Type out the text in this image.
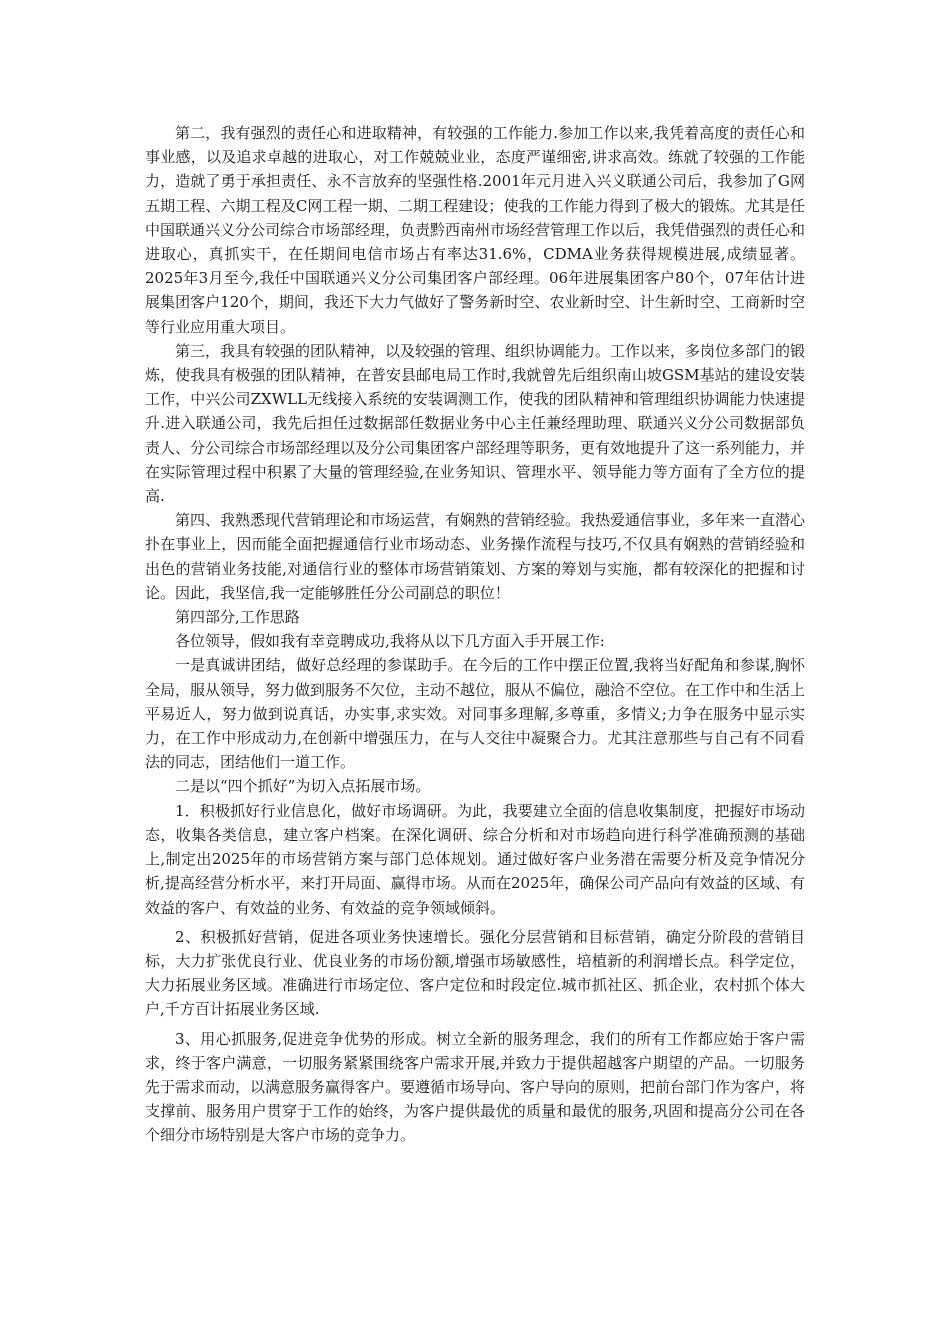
第二，我有强烈的责任心和进取精神，有较强的工作能力.参加工作以来,我凭着高度的责任心和事业感，以及追求卓越的进取心，对工作兢兢业业，态度严谨细密,讲求高效。练就了较强的工作能力，造就了勇于承担责任、永不言放弃的坚强性格.2001年元月进入兴义联通公司后，我参加了G网五期工程、六期工程及C网工程一期、二期工程建设；使我的工作能力得到了极大的锻炼。尤其是任中国联通兴义分公司综合市场部经理，负责黔西南州市场经营管理工作以后，我凭借强烈的责任心和进取心，真抓实干，在任期间电信市场占有率达31.6%，CDMA业务获得规模进展,成绩显著。2025年3月至今,我任中国联通兴义分公司集团客户部经理。06年进展集团客户80个，07年估计进展集团客户120个，期间，我还下大力气做好了警务新时空、农业新时空、计生新时空、工商新时空等行业应用重大项目。

第三，我具有较强的团队精神，以及较强的管理、组织协调能力。工作以来，多岗位多部门的锻炼，使我具有极强的团队精神，在普安县邮电局工作时,我就曾先后组织南山坡GSM基站的建设安装工作，中兴公司ZXWLL无线接入系统的安装调测工作，使我的团队精神和管理组织协调能力快速提升.进入联通公司，我先后担任过数据部任数据业务中心主任兼经理助理、联通兴义分公司数据部负责人、分公司综合市场部经理以及分公司集团客户部经理等职务，更有效地提升了这一系列能力，并在实际管理过程中积累了大量的管理经验,在业务知识、管理水平、领导能力等方面有了全方位的提高.

第四、我熟悉现代营销理论和市场运营，有娴熟的营销经验。我热爱通信事业，多年来一直潜心扑在事业上，因而能全面把握通信行业市场动态、业务操作流程与技巧,不仅具有娴熟的营销经验和出色的营销业务技能,对通信行业的整体市场营销策划、方案的筹划与实施，都有较深化的把握和讨论。因此，我坚信,我一定能够胜任分公司副总的职位！

第四部分,工作思路

各位领导，假如我有幸竞聘成功,我将从以下几方面入手开展工作:

一是真诚讲团结，做好总经理的参谋助手。在今后的工作中摆正位置,我将当好配角和参谋,胸怀全局，服从领导，努力做到服务不欠位，主动不越位，服从不偏位，融洽不空位。在工作中和生活上平易近人，努力做到说真话，办实事,求实效。对同事多理解,多尊重，多情义;力争在服务中显示实力，在工作中形成动力,在创新中增强压力，在与人交往中凝聚合力。尤其注意那些与自己有不同看法的同志，团结他们一道工作。

二是以“四个抓好”为切入点拓展市场。

1．积极抓好行业信息化，做好市场调研。为此，我要建立全面的信息收集制度，把握好市场动态，收集各类信息，建立客户档案。在深化调研、综合分析和对市场趋向进行科学准确预测的基础上,制定出2025年的市场营销方案与部门总体规划。通过做好客户业务潜在需要分析及竞争情况分析,提高经营分析水平，来打开局面、赢得市场。从而在2025年，确保公司产品向有效益的区域、有效益的客户、有效益的业务、有效益的竞争领域倾斜。

2、积极抓好营销，促进各项业务快速增长。强化分层营销和目标营销，确定分阶段的营销目标，大力扩张优良行业、优良业务的市场份额,增强市场敏感性，培植新的利润增长点。科学定位，大力拓展业务区域。准确进行市场定位、客户定位和时段定位.城市抓社区、抓企业，农村抓个体大户,千方百计拓展业务区域.

3、用心抓服务,促进竞争优势的形成。树立全新的服务理念，我们的所有工作都应始于客户需求，终于客户满意，一切服务紧紧围绕客户需求开展,并致力于提供超越客户期望的产品。一切服务先于需求而动，以满意服务赢得客户。要遵循市场导向、客户导向的原则，把前台部门作为客户，将支撑前、服务用户贯穿于工作的始终，为客户提供最优的质量和最优的服务,巩固和提高分公司在各个细分市场特别是大客户市场的竞争力。
